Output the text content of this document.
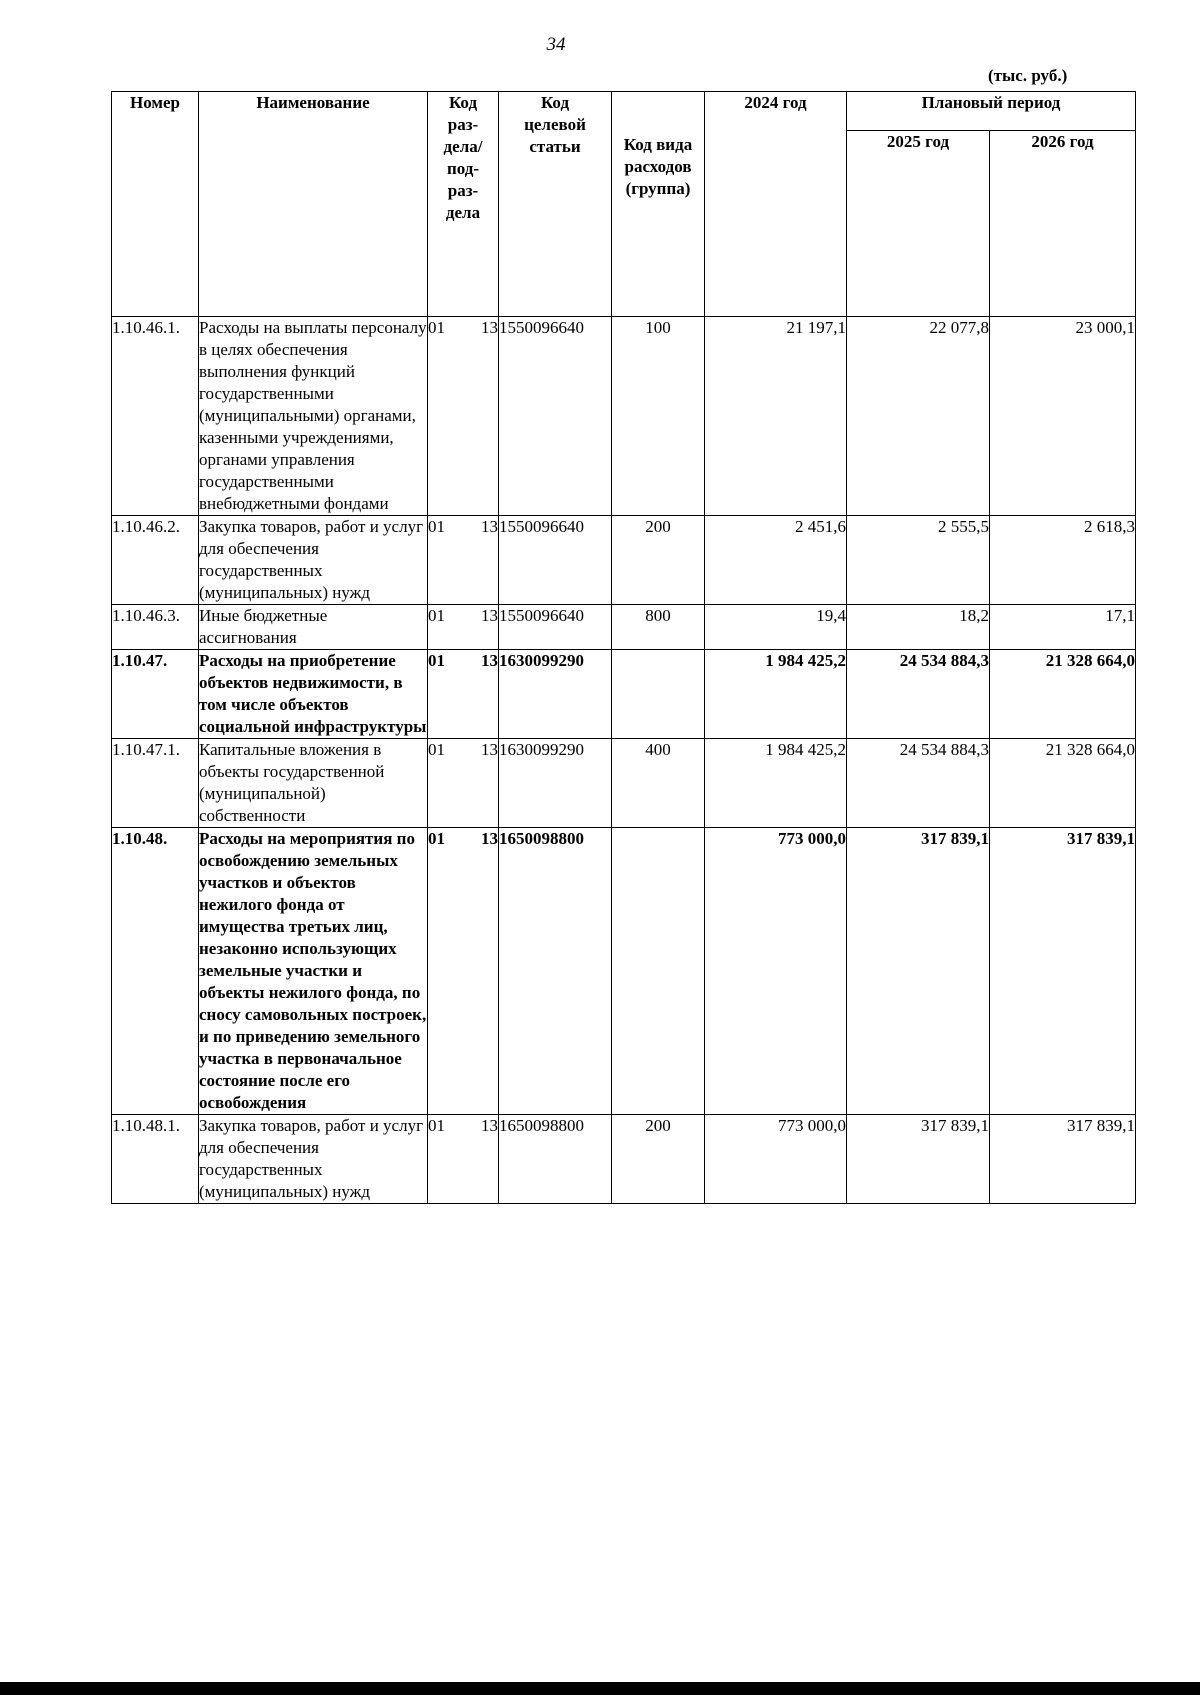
34
(тыс. руб.)
Номер	Наименование	Код раз-дела/ под-раз-дела	Код целевой статьи	Код вида расходов (группа)	2024 год	Плановый период	
						2025 год	2026 год
1.10.46.1.	Расходы на выплаты персоналу в целях обеспечения выполнения функций государственными (муниципальными) органами, казенными учреждениями, органами управления государственными внебюджетными фондами	01 13	1550096640	100	21 197,1	22 077,8	23 000,1
1.10.46.2.	Закупка товаров, работ и услуг для обеспечения государственных (муниципальных) нужд	01 13	1550096640	200	2 451,6	2 555,5	2 618,3
1.10.46.3.	Иные бюджетные ассигнования	01 13	1550096640	800	19,4	18,2	17,1
1.10.47.	Расходы на приобретение объектов недвижимости, в том числе объектов социальной инфраструктуры	01 13	1630099290		1 984 425,2	24 534 884,3	21 328 664,0
1.10.47.1.	Капитальные вложения в объекты государственной (муниципальной) собственности	01 13	1630099290	400	1 984 425,2	24 534 884,3	21 328 664,0
1.10.48.	Расходы на мероприятия по освобождению земельных участков и объектов нежилого фонда от имущества третьих лиц, незаконно использующих земельные участки и объекты нежилого фонда, по сносу самовольных построек, и по приведению земельного участка в первоначальное состояние после его освобождения	01 13	1650098800		773 000,0	317 839,1	317 839,1
1.10.48.1.	Закупка товаров, работ и услуг для обеспечения государственных (муниципальных) нужд	01 13	1650098800	200	773 000,0	317 839,1	317 839,1
